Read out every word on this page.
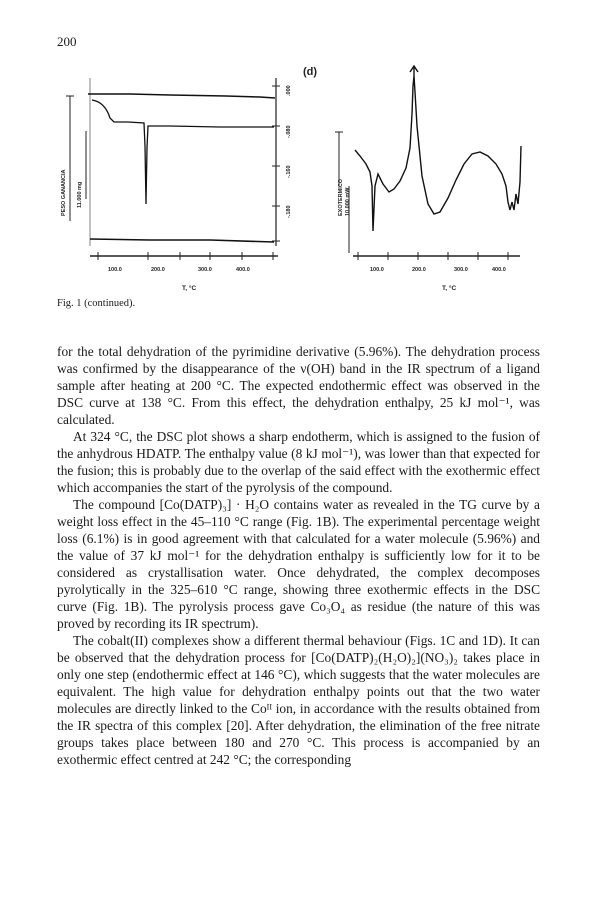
200
(d)
PESO GANANCIA 11.000 mg
.000
-.080
-.160
-.180
100.0	200.0	300.0	400.0
T, °C
EXOTERMICO 10.000 mW
100.0	200.0	300.0	400.0
T, °C
Fig. 1 (continued).

for the total dehydration of the pyrimidine derivative (5.96%). The dehydration process was confirmed by the disappearance of the ν(OH) band in the IR spectrum of a ligand sample after heating at 200 °C. The expected endothermic effect was observed in the DSC curve at 138 °C. From this effect, the dehydration enthalpy, 25 kJ mol⁻¹, was calculated.

At 324 °C, the DSC plot shows a sharp endotherm, which is assigned to the fusion of the anhydrous HDATP. The enthalpy value (8 kJ mol⁻¹), was lower than that expected for the fusion; this is probably due to the overlap of the said effect with the exothermic effect which accompanies the start of the pyrolysis of the compound.

The compound [Co(DATP)₃] · H₂O contains water as revealed in the TG curve by a weight loss effect in the 45–110 °C range (Fig. 1B). The experimental percentage weight loss (6.1%) is in good agreement with that calculated for a water molecule (5.96%) and the value of 37 kJ mol⁻¹ for the dehydration enthalpy is sufficiently low for it to be considered as crystallisation water. Once dehydrated, the complex decomposes pyrolytically in the 325–610 °C range, showing three exothermic effects in the DSC curve (Fig. 1B). The pyrolysis process gave Co₃O₄ as residue (the nature of this was proved by recording its IR spectrum).

The cobalt(II) complexes show a different thermal behaviour (Figs. 1C and 1D). It can be observed that the dehydration process for [Co(DATP)₂(H₂O)₂](NO₃)₂ takes place in only one step (endothermic effect at 146 °C), which suggests that the water molecules are equivalent. The high value for dehydration enthalpy points out that the two water molecules are directly linked to the Coᴵᴵ ion, in accordance with the results obtained from the IR spectra of this complex [20]. After dehydration, the elimination of the free nitrate groups takes place between 180 and 270 °C. This process is accompanied by an exothermic effect centred at 242 °C; the corresponding
